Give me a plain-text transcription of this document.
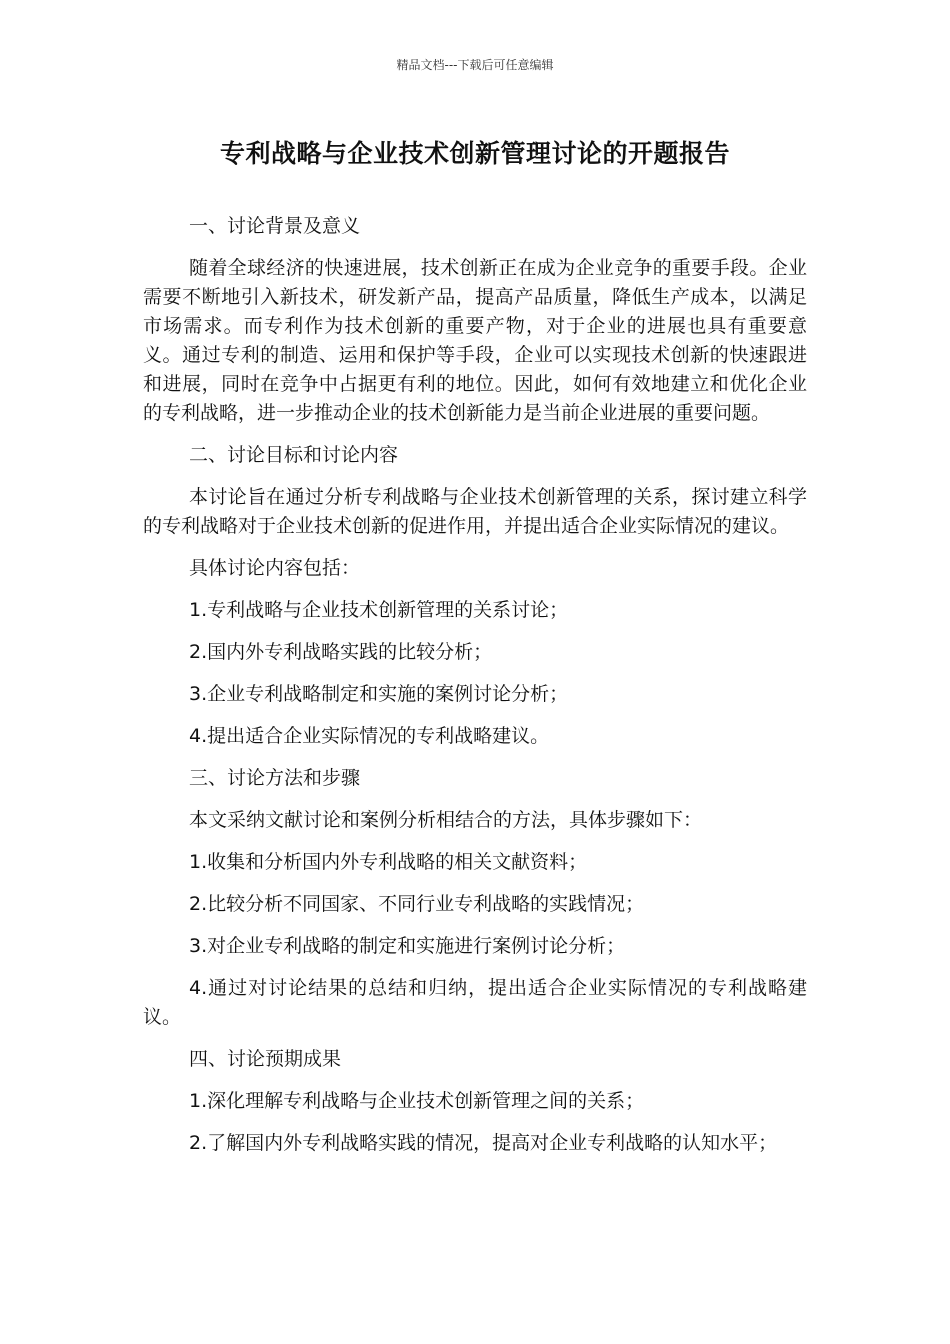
精品文档---下载后可任意编辑
专利战略与企业技术创新管理讨论的开题报告

一、讨论背景及意义

随着全球经济的快速进展，技术创新正在成为企业竞争的重要手段。企业需要不断地引入新技术，研发新产品，提高产品质量，降低生产成本，以满足市场需求。而专利作为技术创新的重要产物，对于企业的进展也具有重要意义。通过专利的制造、运用和保护等手段，企业可以实现技术创新的快速跟进和进展，同时在竞争中占据更有利的地位。因此，如何有效地建立和优化企业的专利战略，进一步推动企业的技术创新能力是当前企业进展的重要问题。

二、讨论目标和讨论内容

本讨论旨在通过分析专利战略与企业技术创新管理的关系，探讨建立科学的专利战略对于企业技术创新的促进作用，并提出适合企业实际情况的建议。

具体讨论内容包括：

1.专利战略与企业技术创新管理的关系讨论；

2.国内外专利战略实践的比较分析；

3.企业专利战略制定和实施的案例讨论分析；

4.提出适合企业实际情况的专利战略建议。

三、讨论方法和步骤

本文采纳文献讨论和案例分析相结合的方法，具体步骤如下：

1.收集和分析国内外专利战略的相关文献资料；

2.比较分析不同国家、不同行业专利战略的实践情况；

3.对企业专利战略的制定和实施进行案例讨论分析；

4.通过对讨论结果的总结和归纳，提出适合企业实际情况的专利战略建议。

四、讨论预期成果

1.深化理解专利战略与企业技术创新管理之间的关系；

2.了解国内外专利战略实践的情况，提高对企业专利战略的认知水平；
